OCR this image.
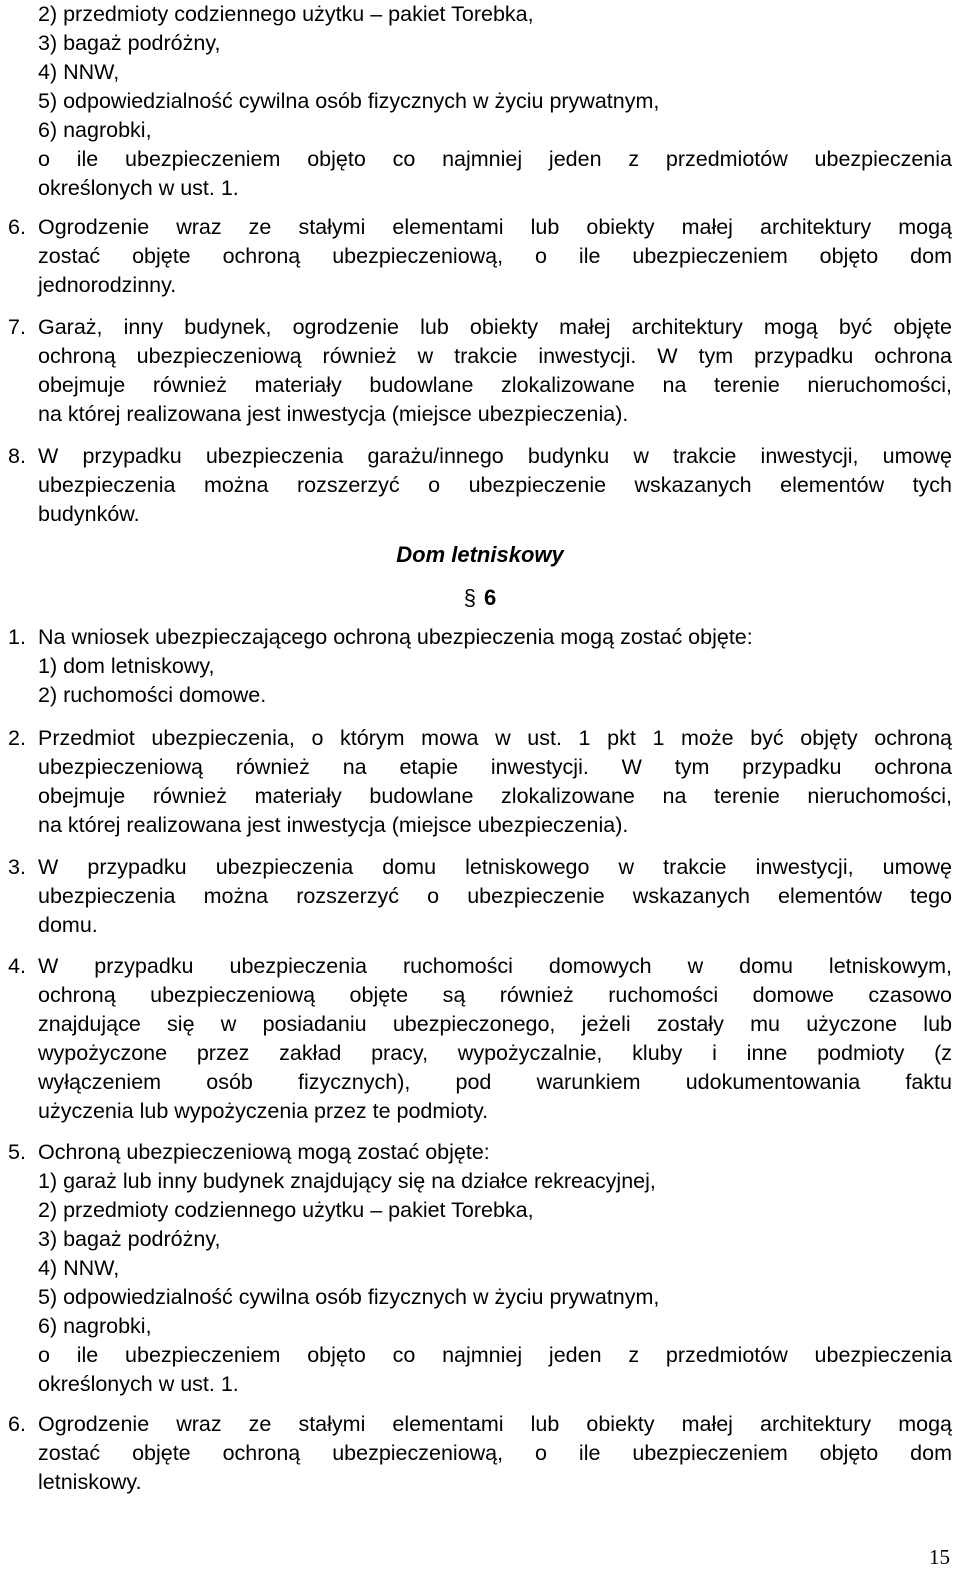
2) przedmioty codziennego użytku – pakiet Torebka,
3) bagaż podróżny,
4) NNW,
5) odpowiedzialność cywilna osób fizycznych w życiu prywatnym,
6) nagrobki,
o ile ubezpieczeniem objęto co najmniej jeden z przedmiotów ubezpieczenia
określonych w ust. 1.
6. Ogrodzenie wraz ze stałymi elementami lub obiekty małej architektury mogą
zostać objęte ochroną ubezpieczeniową, o ile ubezpieczeniem objęto dom
jednorodzinny.
7. Garaż, inny budynek, ogrodzenie lub obiekty małej architektury mogą być objęte
ochroną ubezpieczeniową również w trakcie inwestycji. W tym przypadku ochrona
obejmuje również materiały budowlane zlokalizowane na terenie nieruchomości,
na której realizowana jest inwestycja (miejsce ubezpieczenia).
8. W przypadku ubezpieczenia garażu/innego budynku w trakcie inwestycji, umowę
ubezpieczenia można rozszerzyć o ubezpieczenie wskazanych elementów tych
budynków.
Dom letniskowy
§ 6
1. Na wniosek ubezpieczającego ochroną ubezpieczenia mogą zostać objęte:
1) dom letniskowy,
2) ruchomości domowe.
2. Przedmiot ubezpieczenia, o którym mowa w ust. 1 pkt 1 może być objęty ochroną
ubezpieczeniową również na etapie inwestycji. W tym przypadku ochrona
obejmuje również materiały budowlane zlokalizowane na terenie nieruchomości,
na której realizowana jest inwestycja (miejsce ubezpieczenia).
3. W przypadku ubezpieczenia domu letniskowego w trakcie inwestycji, umowę
ubezpieczenia można rozszerzyć o ubezpieczenie wskazanych elementów tego
domu.
4. W przypadku ubezpieczenia ruchomości domowych w domu letniskowym,
ochroną ubezpieczeniową objęte są również ruchomości domowe czasowo
znajdujące się w posiadaniu ubezpieczonego, jeżeli zostały mu użyczone lub
wypożyczone przez zakład pracy, wypożyczalnie, kluby i inne podmioty (z
wyłączeniem osób fizycznych), pod warunkiem udokumentowania faktu
użyczenia lub wypożyczenia przez te podmioty.
5. Ochroną ubezpieczeniową mogą zostać objęte:
1) garaż lub inny budynek znajdujący się na działce rekreacyjnej,
2) przedmioty codziennego użytku – pakiet Torebka,
3) bagaż podróżny,
4) NNW,
5) odpowiedzialność cywilna osób fizycznych w życiu prywatnym,
6) nagrobki,
o ile ubezpieczeniem objęto co najmniej jeden z przedmiotów ubezpieczenia
określonych w ust. 1.
6. Ogrodzenie wraz ze stałymi elementami lub obiekty małej architektury mogą
zostać objęte ochroną ubezpieczeniową, o ile ubezpieczeniem objęto dom
letniskowy.
15
